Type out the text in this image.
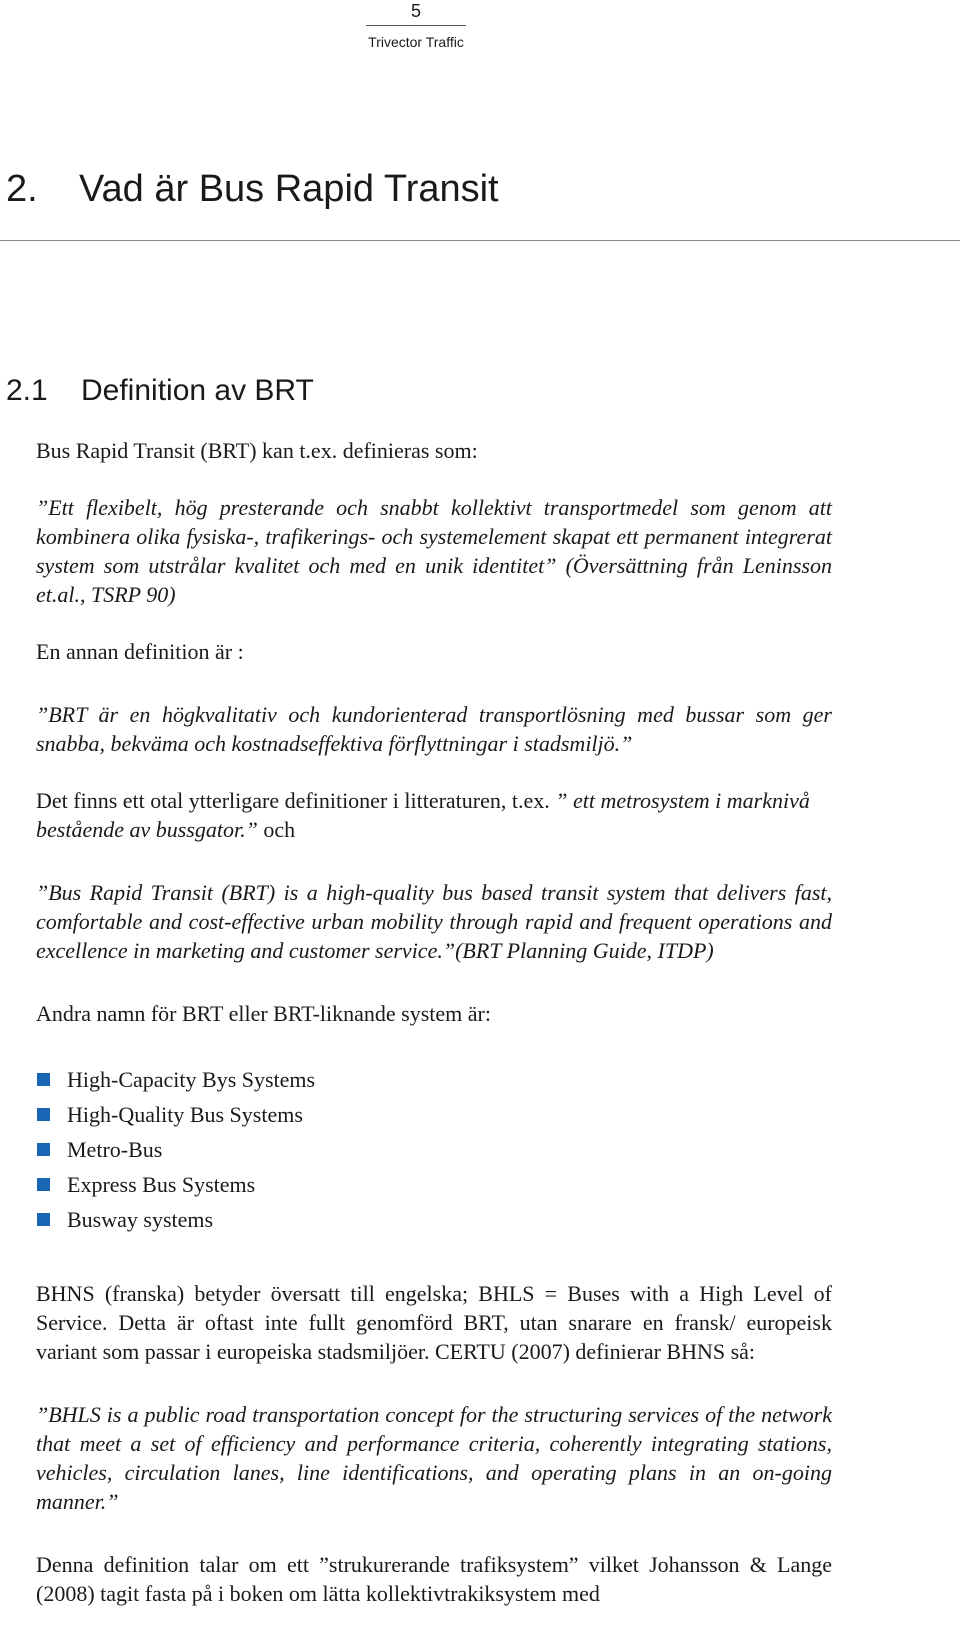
5
Trivector Traffic
2. Vad är Bus Rapid Transit
2.1 Definition av BRT

Bus Rapid Transit (BRT) kan t.ex. definieras som:

”Ett flexibelt, hög presterande och snabbt kollektivt transportmedel som genom att kombinera olika fysiska-, trafikerings- och systemelement skapat ett permanent integrerat system som utstrålar kvalitet och med en unik identitet” (Översättning från Leninsson et.al., TSRP 90)

En annan definition är :

”BRT är en högkvalitativ och kundorienterad transportlösning med bussar som ger snabba, bekväma och kostnadseffektiva förflyttningar i stadsmiljö.”

Det finns ett otal ytterligare definitioner i litteraturen, t.ex. ” ett metrosystem i marknivå bestående av bussgator.” och

”Bus Rapid Transit (BRT) is a high-quality bus based transit system that delivers fast, comfortable and cost-effective urban mobility through rapid and frequent operations and excellence in marketing and customer service.”(BRT Planning Guide, ITDP)

Andra namn för BRT eller BRT-liknande system är:

High-Capacity Bys Systems
High-Quality Bus Systems
Metro-Bus
Express Bus Systems
Busway systems

BHNS (franska) betyder översatt till engelska; BHLS = Buses with a High Level of Service. Detta är oftast inte fullt genomförd BRT, utan snarare en fransk/ europeisk variant som passar i europeiska stadsmiljöer. CERTU (2007) definierar BHNS så:

”BHLS is a public road transportation concept for the structuring services of the network that meet a set of efficiency and performance criteria, coherently integrating stations, vehicles, circulation lanes, line identifications, and operating plans in an on-going manner.”

Denna definition talar om ett ”strukurerande trafiksystem” vilket Johansson & Lange (2008) tagit fasta på i boken om lätta kollektivtrakiksystem med
